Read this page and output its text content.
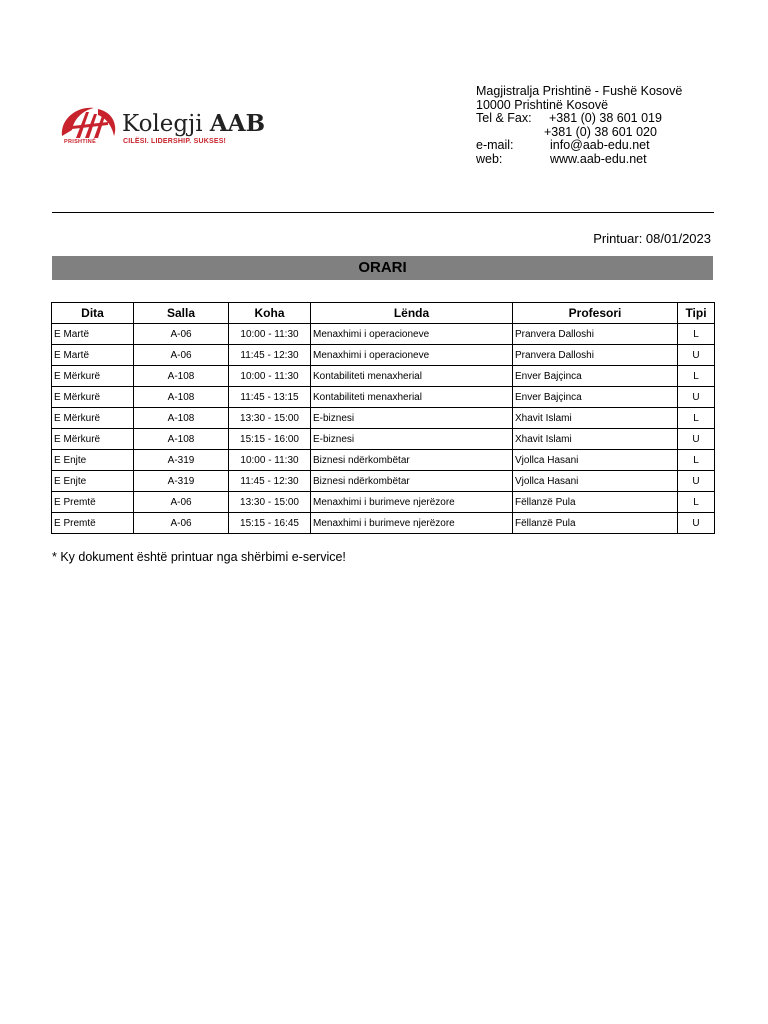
PRISHTINË
Kolegji AAB
CILËSI. LIDERSHIP. SUKSES!
Magjistralja Prishtinë - Fushë Kosovë
10000 Prishtinë Kosovë
Tel & Fax: +381 (0) 38 601 019
+381 (0) 38 601 020
e-mail:	info@aab-edu.net
web:	www.aab-edu.net
Printuar: 08/01/2023
ORARI
Dita	Salla	Koha	Lënda	Profesori	Tipi
E Martë	A-06	10:00 - 11:30	Menaxhimi i operacioneve	Pranvera Dalloshi	L
E Martë	A-06	11:45 - 12:30	Menaxhimi i operacioneve	Pranvera Dalloshi	U
E Mërkurë	A-108	10:00 - 11:30	Kontabiliteti menaxherial	Enver Bajçinca	L
E Mërkurë	A-108	11:45 - 13:15	Kontabiliteti menaxherial	Enver Bajçinca	U
E Mërkurë	A-108	13:30 - 15:00	E-biznesi	Xhavit Islami	L
E Mërkurë	A-108	15:15 - 16:00	E-biznesi	Xhavit Islami	U
E Enjte	A-319	10:00 - 11:30	Biznesi ndërkombëtar	Vjollca Hasani	L
E Enjte	A-319	11:45 - 12:30	Biznesi ndërkombëtar	Vjollca Hasani	U
E Premtë	A-06	13:30 - 15:00	Menaxhimi i burimeve njerëzore	Fëllanzë Pula	L
E Premtë	A-06	15:15 - 16:45	Menaxhimi i burimeve njerëzore	Fëllanzë Pula	U
* Ky dokument është printuar nga shërbimi e-service!
